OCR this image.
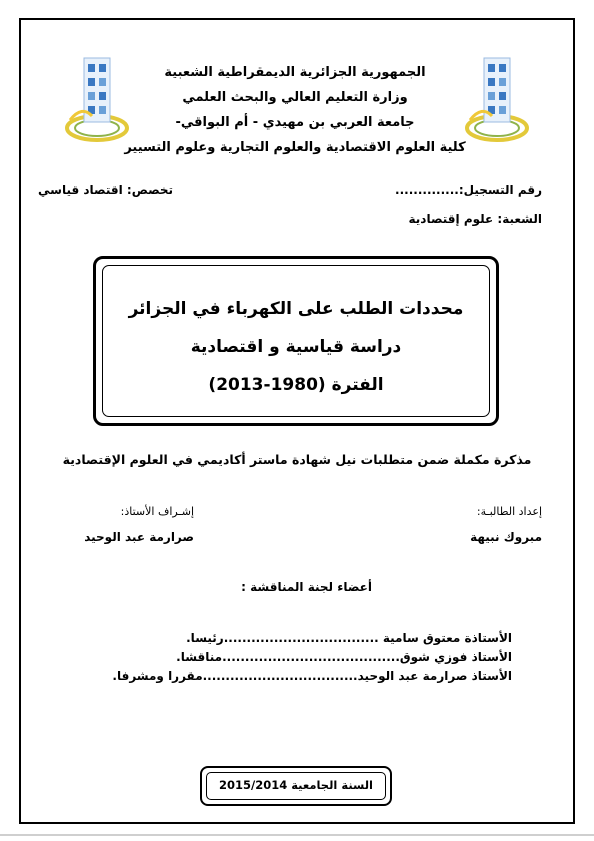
الجمهورية الجزائرية الديمقراطية الشعبية
وزارة التعليم العالي والبحث العلمي
جامعة العربي بن مهيدي - أم البواقي-
كلية العلوم الاقتصادية والعلوم التجارية وعلوم التسيير
رقم التسجيل:..............
تخصص: اقتصاد قياسي
الشعبة: علوم إقتصادية
محددات الطلب على الكهرباء في الجزائر
دراسة قياسية و اقتصادية
الفترة (1980-2013)
مذكرة مكملة ضمن متطلبات نيل شهادة ماستر أكاديمي في العلوم الإقتصادية
إعداد الطالبـة:
مبروك نبيهة
إشـراف الأستاذ:
صرارمة عبد الوحيد
أعضاء لجنة المناقشة :
الأستاذة معتوق سامية ..................................رئيسا.
الأستاذ فوزي شوق.......................................مناقشا.
الأستاذ صرارمة عبد الوحيد..................................مقررا ومشرفا.
السنة الجامعية 2015/2014
